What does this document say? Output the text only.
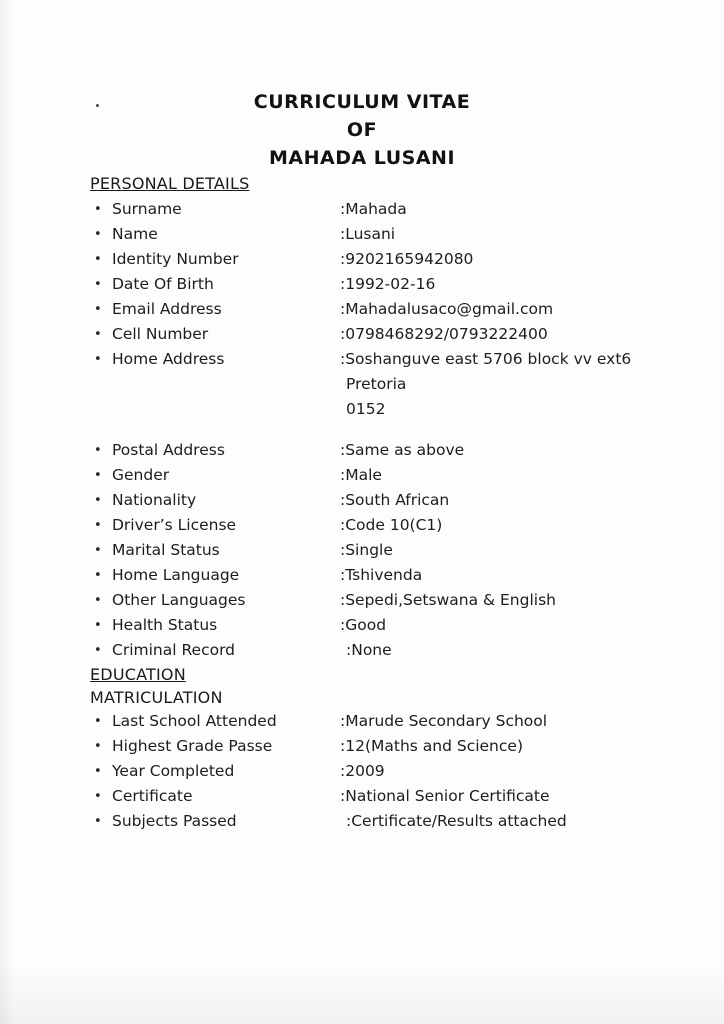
CURRICULUM VITAE
OF
MAHADA LUSANI
PERSONAL DETAILS
• Surname	:Mahada
• Name	:Lusani
• Identity Number	:9202165942080
• Date Of Birth	:1992-02-16
• Email Address	:Mahadalusaco@gmail.com
• Cell Number	:0798468292/0793222400
• Home Address	:Soshanguve east 5706 block vv ext6
Pretoria
0152
• Postal Address	:Same as above
• Gender	:Male
• Nationality	:South African
• Driver’s License	:Code 10(C1)
• Marital Status	:Single
• Home Language	:Tshivenda
• Other Languages	:Sepedi,Setswana & English
• Health Status	:Good
• Criminal Record	:None
EDUCATION
MATRICULATION
• Last School Attended	:Marude Secondary School
• Highest Grade Passe	:12(Maths and Science)
• Year Completed	:2009
• Certificate	:National Senior Certificate
• Subjects Passed	:Certificate/Results attached
